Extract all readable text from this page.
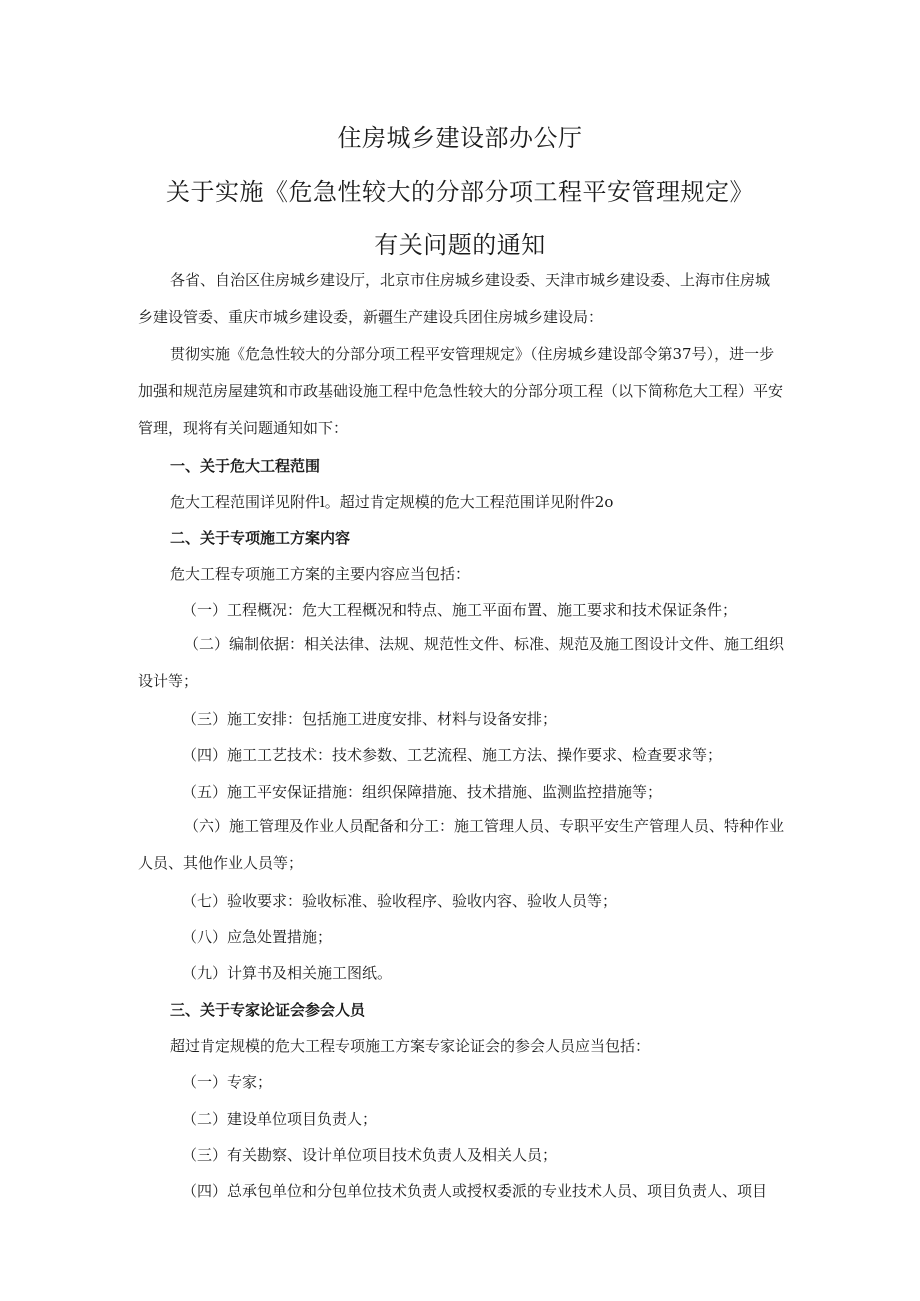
住房城乡建设部办公厅
关于实施《危急性较大的分部分项工程平安管理规定》
有关问题的通知
各省、自治区住房城乡建设厅，北京市住房城乡建设委、天津市城乡建设委、上海市住房城乡建设管委、重庆市城乡建设委，新疆生产建设兵团住房城乡建设局：
贯彻实施《危急性较大的分部分项工程平安管理规定》（住房城乡建设部令第37号），进一步加强和规范房屋建筑和市政基础设施工程中危急性较大的分部分项工程（以下简称危大工程）平安管理，现将有关问题通知如下：
一、关于危大工程范围
危大工程范围详见附件l。超过肯定规模的危大工程范围详见附件2o
二、关于专项施工方案内容
危大工程专项施工方案的主要内容应当包括：
（一）工程概况：危大工程概况和特点、施工平面布置、施工要求和技术保证条件；
（二）编制依据：相关法律、法规、规范性文件、标准、规范及施工图设计文件、施工组织设计等；
（三）施工安排：包括施工进度安排、材料与设备安排；
（四）施工工艺技术：技术参数、工艺流程、施工方法、操作要求、检查要求等；
（五）施工平安保证措施：组织保障措施、技术措施、监测监控措施等；
（六）施工管理及作业人员配备和分工：施工管理人员、专职平安生产管理人员、特种作业人员、其他作业人员等；
（七）验收要求：验收标准、验收程序、验收内容、验收人员等；
（八）应急处置措施；
（九）计算书及相关施工图纸。
三、关于专家论证会参会人员
超过肯定规模的危大工程专项施工方案专家论证会的参会人员应当包括：
（一）专家；
（二）建设单位项目负责人；
（三）有关勘察、设计单位项目技术负责人及相关人员；
（四）总承包单位和分包单位技术负责人或授权委派的专业技术人员、项目负责人、项目
